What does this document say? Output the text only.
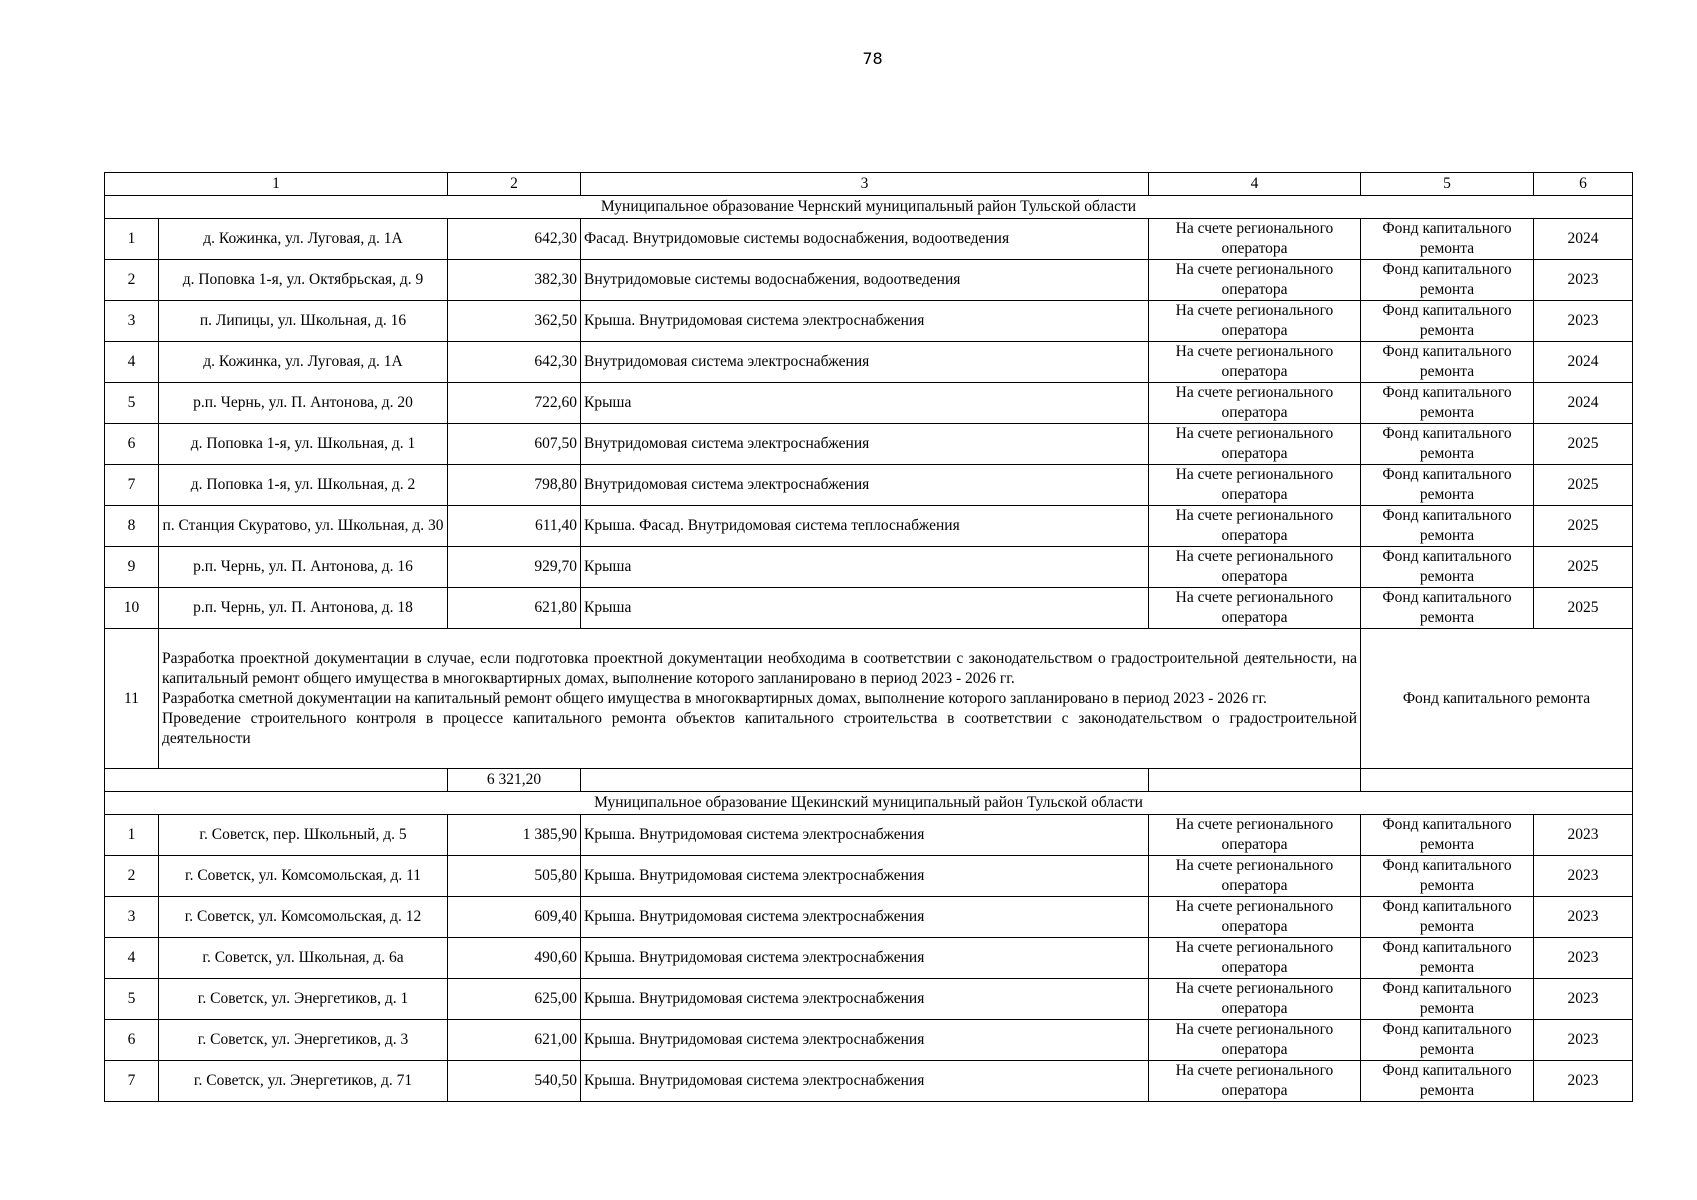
78
1		2	3	4	5	6
Муниципальное образование Чернский муниципальный район Тульской области						
1	д. Кожинка, ул. Луговая, д. 1А	642,30	Фасад. Внутридомовые системы водоснабжения, водоотведения	На счете регионального оператора	Фонд капитального ремонта	2024
2	д. Поповка 1-я, ул. Октябрьская, д. 9	382,30	Внутридомовые системы водоснабжения, водоотведения	На счете регионального оператора	Фонд капитального ремонта	2023
3	п. Липицы, ул. Школьная, д. 16	362,50	Крыша. Внутридомовая система электроснабжения	На счете регионального оператора	Фонд капитального ремонта	2023
4	д. Кожинка, ул. Луговая, д. 1А	642,30	Внутридомовая система электроснабжения	На счете регионального оператора	Фонд капитального ремонта	2024
5	р.п. Чернь, ул. П. Антонова, д. 20	722,60	Крыша	На счете регионального оператора	Фонд капитального ремонта	2024
6	д. Поповка 1-я, ул. Школьная, д. 1	607,50	Внутридомовая система электроснабжения	На счете регионального оператора	Фонд капитального ремонта	2025
7	д. Поповка 1-я, ул. Школьная, д. 2	798,80	Внутридомовая система электроснабжения	На счете регионального оператора	Фонд капитального ремонта	2025
8	п. Станция Скуратово, ул. Школьная, д. 30	611,40	Крыша. Фасад. Внутридомовая система теплоснабжения	На счете регионального оператора	Фонд капитального ремонта	2025
9	р.п. Чернь, ул. П. Антонова, д. 16	929,70	Крыша	На счете регионального оператора	Фонд капитального ремонта	2025
10	р.п. Чернь, ул. П. Антонова, д. 18	621,80	Крыша	На счете регионального оператора	Фонд капитального ремонта	2025
11	Разработка проектной документации в случае, если подготовка проектной документации необходима в соответствии с законодательством о градостроительной деятельности, на капитальный ремонт общего имущества в многоквартирных домах, выполнение которого запланировано в период 2023 - 2026 гг.
Разработка сметной документации на капитальный ремонт общего имущества в многоквартирных домах, выполнение которого запланировано в период 2023 - 2026 гг.
Проведение строительного контроля в процессе капитального ремонта объектов капитального строительства в соответствии с законодательством о градостроительной деятельности				Фонд капитального ремонта	
		6 321,20				
Муниципальное образование Щекинский муниципальный район Тульской области						
1	г. Советск, пер. Школьный, д. 5	1 385,90	Крыша. Внутридомовая система электроснабжения	На счете регионального оператора	Фонд капитального ремонта	2023
2	г. Советск, ул. Комсомольская, д. 11	505,80	Крыша. Внутридомовая система электроснабжения	На счете регионального оператора	Фонд капитального ремонта	2023
3	г. Советск, ул. Комсомольская, д. 12	609,40	Крыша. Внутридомовая система электроснабжения	На счете регионального оператора	Фонд капитального ремонта	2023
4	г. Советск, ул. Школьная, д. 6а	490,60	Крыша. Внутридомовая система электроснабжения	На счете регионального оператора	Фонд капитального ремонта	2023
5	г. Советск, ул. Энергетиков, д. 1	625,00	Крыша. Внутридомовая система электроснабжения	На счете регионального оператора	Фонд капитального ремонта	2023
6	г. Советск, ул. Энергетиков, д. 3	621,00	Крыша. Внутридомовая система электроснабжения	На счете регионального оператора	Фонд капитального ремонта	2023
7	г. Советск, ул. Энергетиков, д. 71	540,50	Крыша. Внутридомовая система электроснабжения	На счете регионального оператора	Фонд капитального ремонта	2023
